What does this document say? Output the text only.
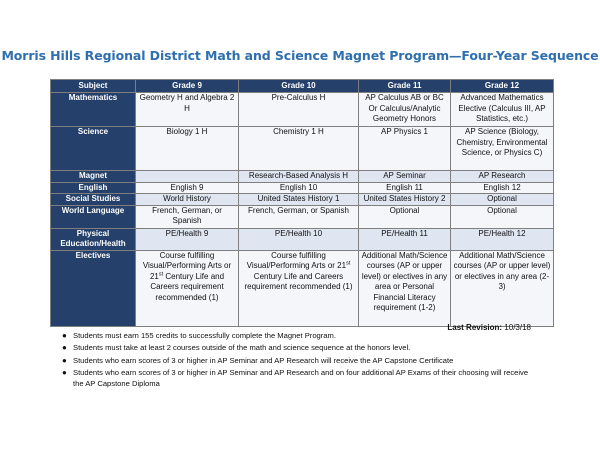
Morris Hills Regional District Math and Science Magnet Program—Four-Year Sequence
Subject	Grade 9	Grade 10	Grade 11	Grade 12
Mathematics	Geometry H and Algebra 2 H	Pre-Calculus H	AP Calculus AB or BC Or Calculus/Analytic Geometry Honors	Advanced Mathematics Elective (Calculus III, AP Statistics, etc.)
Science	Biology 1 H	Chemistry 1 H	AP Physics 1	AP Science (Biology, Chemistry, Environmental Science, or Physics C)
Magnet		Research-Based Analysis H	AP Seminar	AP Research
English	English 9	English 10	English 11	English 12
Social Studies	World History	United States History 1	United States History 2	Optional
World Language	French, German, or Spanish	French, German, or Spanish	Optional	Optional
Physical Education/Health	PE/Health 9	PE/Health 10	PE/Health 11	PE/Health 12
Electives	Course fulfilling Visual/Performing Arts or 21st Century Life and Careers requirement recommended (1)	Course fulfilling Visual/Performing Arts or 21st Century Life and Careers requirement recommended (1)	Additional Math/Science courses (AP or upper level) or electives in any area or Personal Financial Literacy requirement (1-2)	Additional Math/Science courses (AP or upper level) or electives in any area (2-3)
Last Revision: 10/3/18
● Students must earn 155 credits to successfully complete the Magnet Program.
● Students must take at least 2 courses outside of the math and science sequence at the honors level.
● Students who earn scores of 3 or higher in AP Seminar and AP Research will receive the AP Capstone Certificate
● Students who earn scores of 3 or higher in AP Seminar and AP Research and on four additional AP Exams of their choosing will receive the AP Capstone Diploma
